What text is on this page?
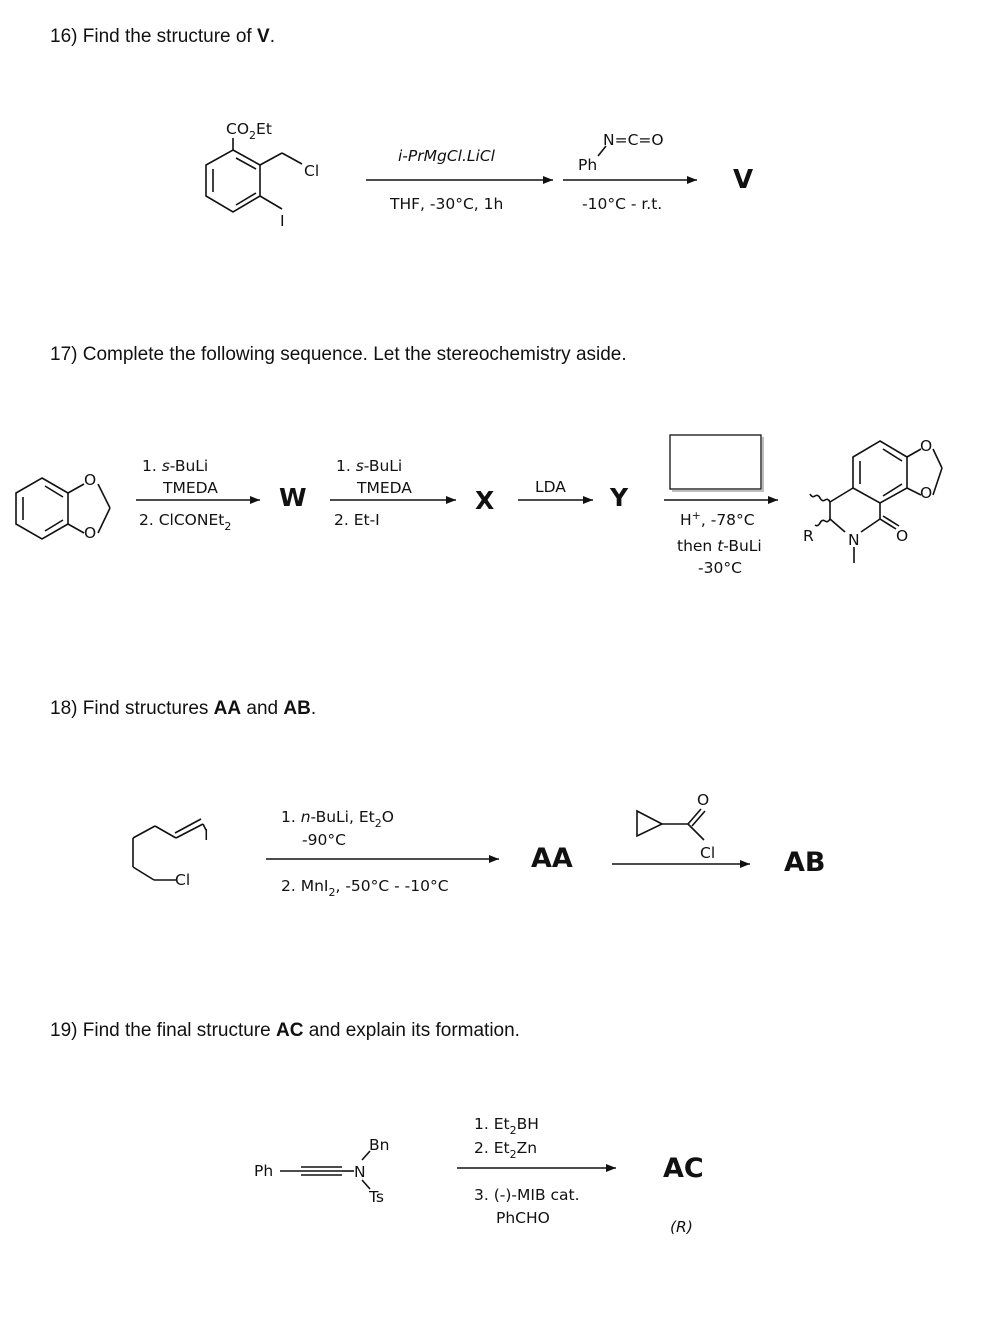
16) Find the structure of V.
$CO_2Et$
Cl
I
i-PrMgCl.LiCl
THF, -30°C, 1h
N=C=O
Ph
-10°C - r.t.
V
17) Complete the following sequence. Let the stereochemistry aside.
O
O
1. s-BuLi
TMEDA
2. ClCONEt$_2$
W
1. s-BuLi
TMEDA
2. Et-I
X	LDA Y
H+, -78°C
then t-BuLi
-30°C
O
O
O
R N
18) Find structures AA and AB.
I
Cl
1. n-BuLi, $Et_2O$
-90°C
2. MnI$_2$, -50°C - -10°C
AA
O
Cl	AB
19) Find the final structure AC and explain its formation.
Ph	N
Bn
Ts
1. $Et_2BH$
2. $Et_2Zn$
3. (-)-MIB cat.
PhCHO
AC
(R)
